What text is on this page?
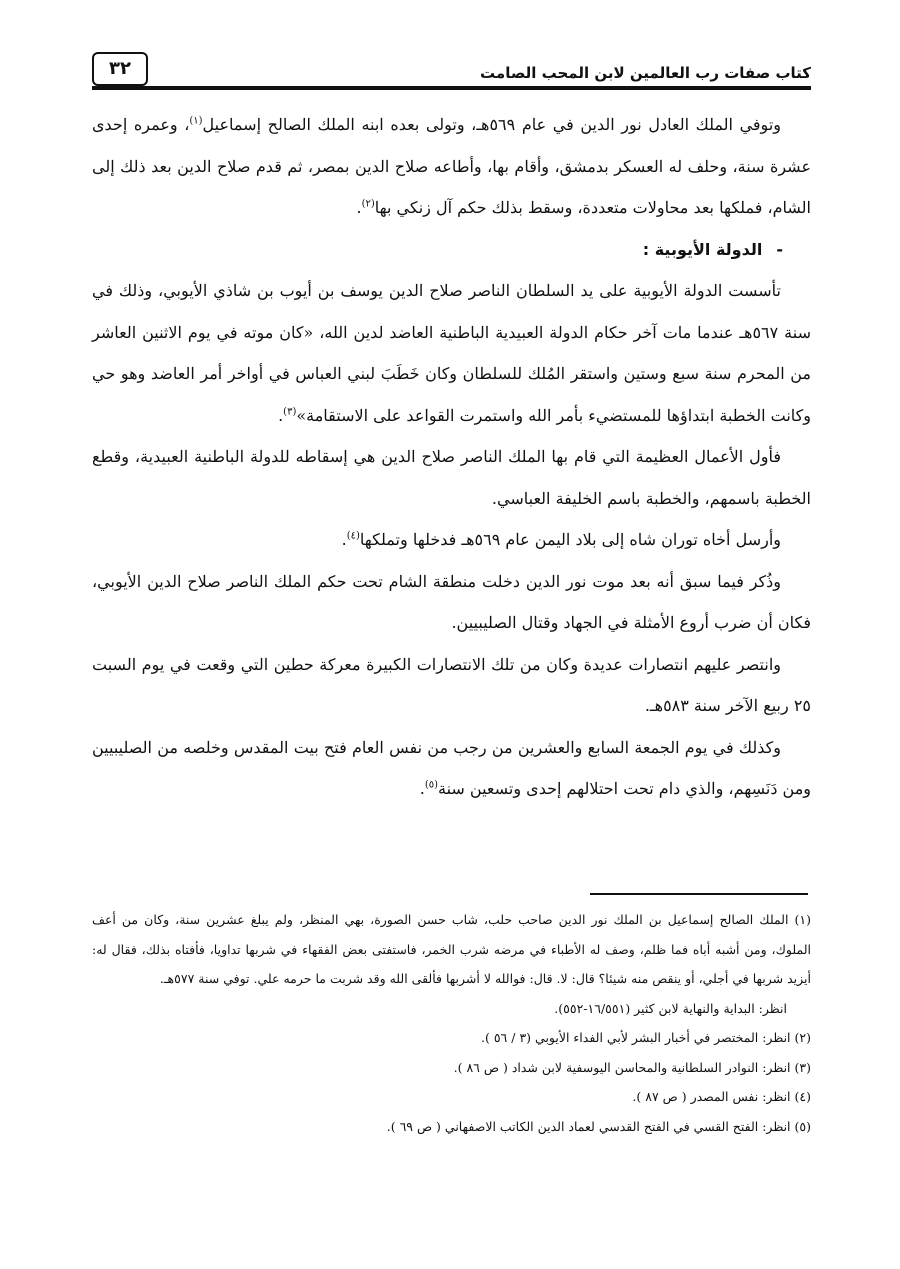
كتاب صفات رب العالمين لابن المحب الصامت
٣٢

وتوفي الملك العادل نور الدين في عام ٥٦٩هـ، وتولى بعده ابنه الملك الصالح إسماعيل$^{(١)}$، وعمره إحدى عشرة سنة، وحلف له العسكر بدمشق، وأقام بها، وأطاعه صلاح الدين بمصر، ثم قدم صلاح الدين بعد ذلك إلى الشام، فملكها بعد محاولات متعددة، وسقط بذلك حكم آل زنكي بها$^{(٢)}$.

-الدولة الأيوبية :

تأسست الدولة الأيوبية على يد السلطان الناصر صلاح الدين يوسف بن أيوب بن شاذي الأيوبي، وذلك في سنة ٥٦٧هـ عندما مات آخر حكام الدولة العبيدية الباطنية العاضد لدين الله، «كان موته في يوم الاثنين العاشر من المحرم سنة سبع وستين واستقر المُلك للسلطان وكان خَطَبَ لبني العباس في أواخر أمر العاضد وهو حي وكانت الخطبة ابتداؤها للمستضيء بأمر الله واستمرت القواعد على الاستقامة»$^{(٣)}$.

فأول الأعمال العظيمة التي قام بها الملك الناصر صلاح الدين هي إسقاطه للدولة الباطنية العبيدية، وقطع الخطبة باسمهم، والخطبة باسم الخليفة العباسي.

وأرسل أخاه توران شاه إلى بلاد اليمن عام ٥٦٩هـ فدخلها وتملكها$^{(٤)}$.

وذُكر فيما سبق أنه بعد موت نور الدين دخلت منطقة الشام تحت حكم الملك الناصر صلاح الدين الأيوبي، فكان أن ضرب أروع الأمثلة في الجهاد وقتال الصليبيين.

وانتصر عليهم انتصارات عديدة وكان من تلك الانتصارات الكبيرة معركة حطين التي وقعت في يوم السبت ٢٥ ربيع الآخر سنة ٥٨٣هـ.

وكذلك في يوم الجمعة السابع والعشرين من رجب من نفس العام فتح بيت المقدس وخلصه من الصليبيين ومن دَنَسِهم، والذي دام تحت احتلالهم إحدى وتسعين سنة$^{(٥)}$.

(١) الملك الصالح إسماعيل بن الملك نور الدين صاحب حلب، شاب حسن الصورة، بهي المنظر، ولم يبلغ عشرين سنة، وكان من أعف الملوك، ومن أشبه أباه فما ظلم، وصف له الأطباء في مرضه شرب الخمر، فاستفتى بعض الفقهاء في شربها تداويا، فأفتاه بذلك، فقال له: أيزيد شربها في أجلي، أو ينقص منه شيئا؟ قال: لا. قال: فوالله لا أشربها فألقى الله وقد شربت ما حرمه علي. توفي سنة ٥٧٧هـ.

انظر: البداية والنهاية لابن كثير (١٦/٥٥١-٥٥٢).

(٢) انظر: المختصر في أخبار البشر لأبي الفداء الأيوبي (٣ / ٥٦ ).

(٣) انظر: النوادر السلطانية والمحاسن اليوسفية لابن شداد ( ص ٨٦ ).

(٤) انظر: نفس المصدر ( ص ٨٧ ).

(٥) انظر: الفتح القسي في الفتح القدسي لعماد الدين الكاتب الاصفهاني ( ص ٦٩ ).
